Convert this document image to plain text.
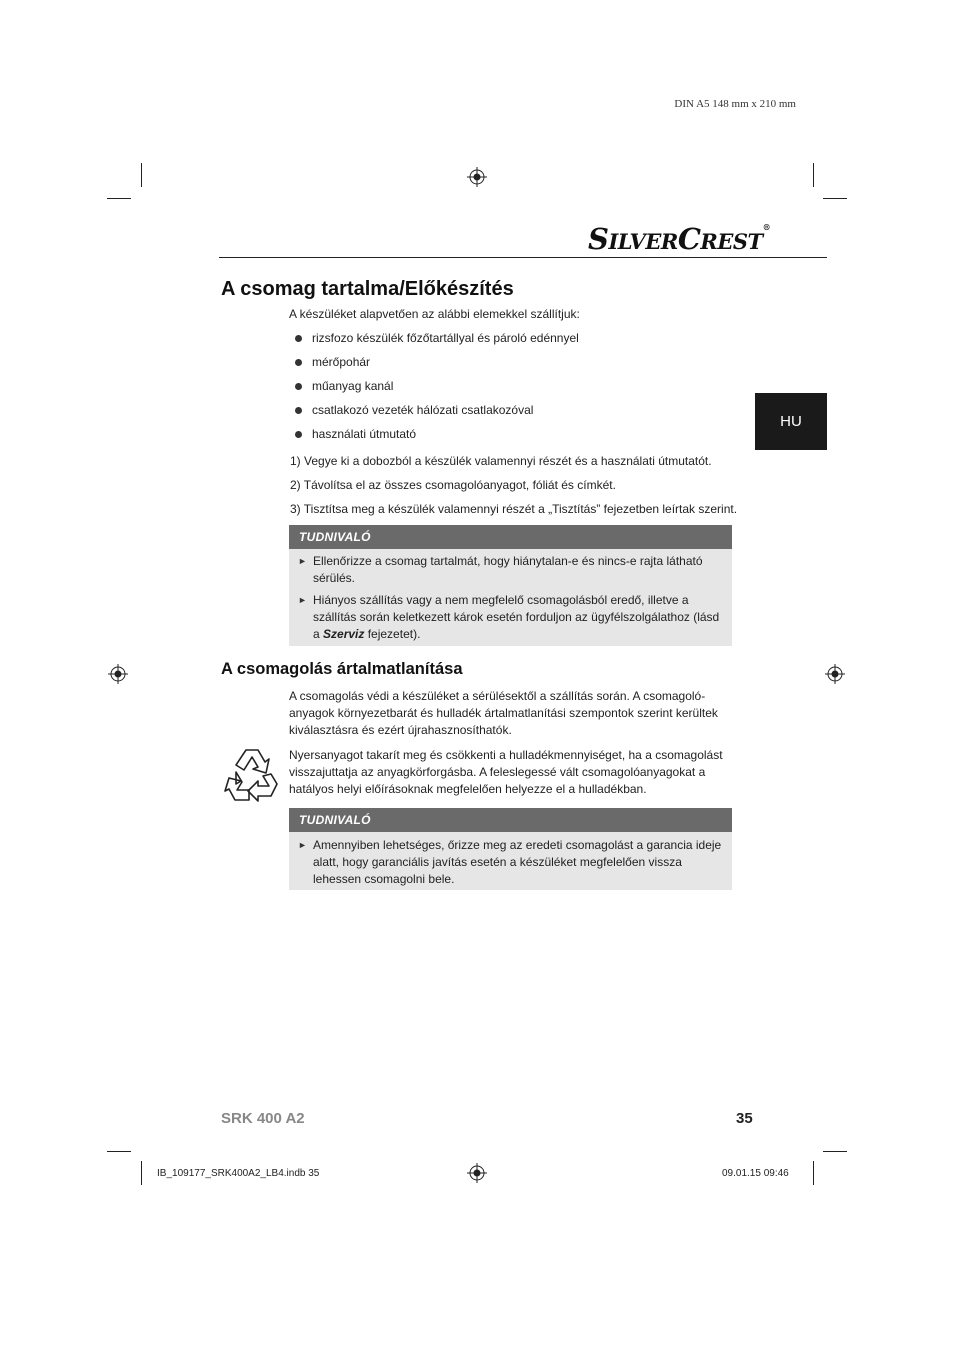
DIN A5 148 mm x 210 mm
SILVERCREST®
HU
A csomag tartalma/Előkészítés
A készüléket alapvetően az alábbi elemekkel szállítjuk:
rizsfozo készülék főzőtartállyal és pároló edénnyel
mérőpohár
műanyag kanál
csatlakozó vezeték hálózati csatlakozóval
használati útmutató
1) Vegye ki a dobozból a készülék valamennyi részét és a használati útmutatót.
2) Távolítsa el az összes csomagolóanyagot, fóliát és címkét.
3) Tisztítsa meg a készülék valamennyi részét a „Tisztítás” fejezetben leírtak szerint.
TUDNIVALÓ
► Ellenőrizze a csomag tartalmát, hogy hiánytalan-e és nincs-e rajta látható sérülés.
► Hiányos szállítás vagy a nem megfelelő csomagolásból eredő, illetve a szállítás során keletkezett károk esetén forduljon az ügyfélszolgálathoz (lásd a Szerviz fejezetet).
A csomagolás ártalmatlanítása
A csomagolás védi a készüléket a sérülésektől a szállítás során. A csomagolóanyagok környezetbarát és hulladék ártalmatlanítási szempontok szerint kerültek kiválasztásra és ezért újrahasznosíthatók.
Nyersanyagot takarít meg és csökkenti a hulladékmennyiséget, ha a csomagolást visszajuttatja az anyagkörforgásba. A feleslegessé vált csomagolóanyagokat a hatályos helyi előírásoknak megfelelően helyezze el a hulladékban.
TUDNIVALÓ
► Amennyiben lehetséges, őrizze meg az eredeti csomagolást a garancia ideje alatt, hogy garanciális javítás esetén a készüléket megfelelően vissza lehessen csomagolni bele.
SRK 400 A2	35
IB_109177_SRK400A2_LB4.indb 35	09.01.15 09:46
